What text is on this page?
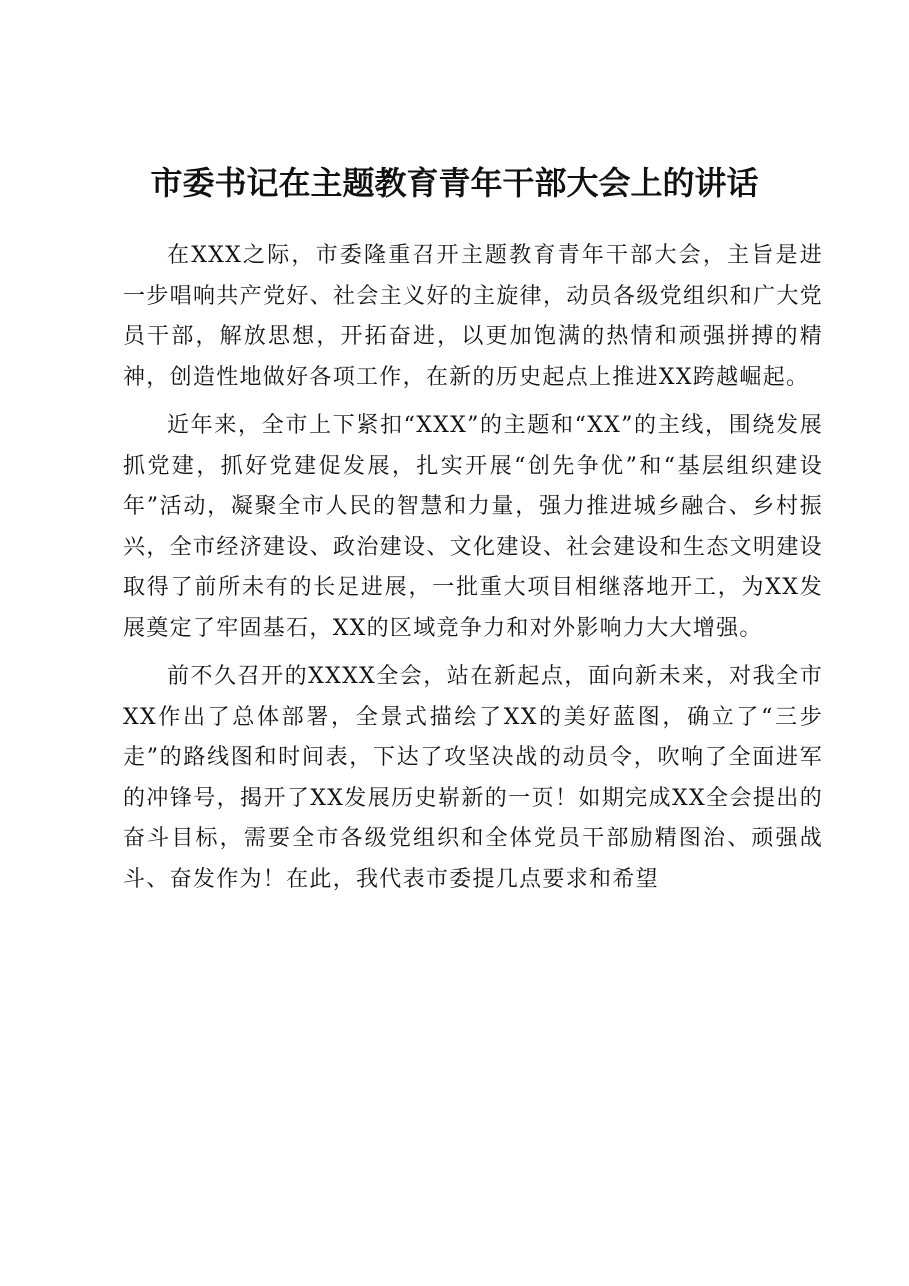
市委书记在主题教育青年干部大会上的讲话

在XXX之际，市委隆重召开主题教育青年干部大会，主旨是进一步唱响共产党好、社会主义好的主旋律，动员各级党组织和广大党员干部，解放思想，开拓奋进，以更加饱满的热情和顽强拼搏的精神，创造性地做好各项工作，在新的历史起点上推进XX跨越崛起。

近年来，全市上下紧扣“XXX”的主题和“XX”的主线，围绕发展抓党建，抓好党建促发展，扎实开展“创先争优”和“基层组织建设年”活动，凝聚全市人民的智慧和力量，强力推进城乡融合、乡村振兴，全市经济建设、政治建设、文化建设、社会建设和生态文明建设取得了前所未有的长足进展，一批重大项目相继落地开工，为XX发展奠定了牢固基石，XX的区域竞争力和对外影响力大大增强。

前不久召开的XXXX全会，站在新起点，面向新未来，对我全市XX作出了总体部署，全景式描绘了XX的美好蓝图，确立了“三步走”的路线图和时间表，下达了攻坚决战的动员令，吹响了全面进军的冲锋号，揭开了XX发展历史崭新的一页！如期完成XX全会提出的奋斗目标，需要全市各级党组织和全体党员干部励精图治、顽强战斗、奋发作为！在此，我代表市委提几点要求和希望
